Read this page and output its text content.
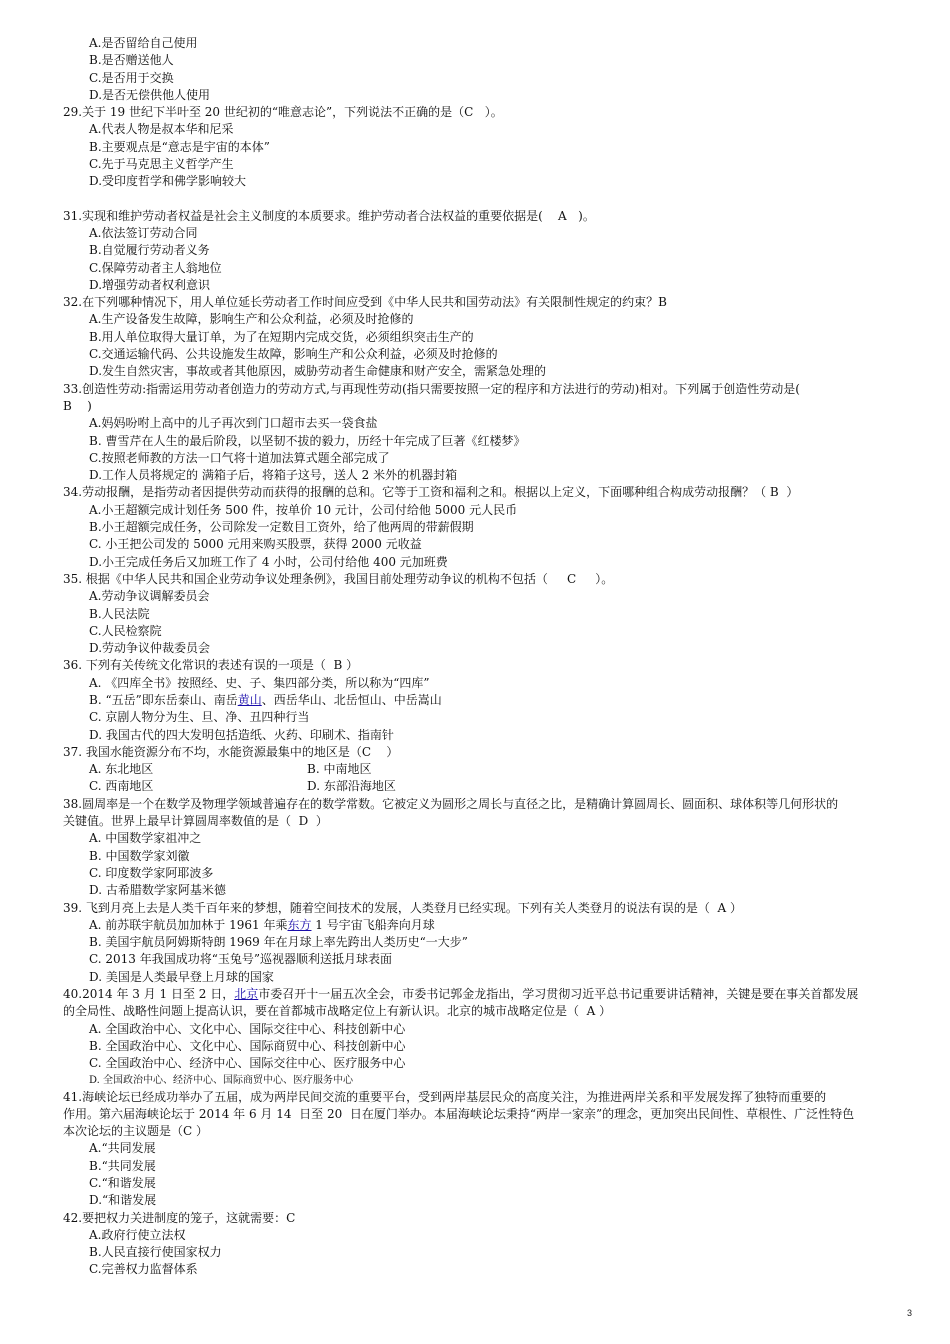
A.是否留给自己使用
B.是否赠送他人
C.是否用于交换
D.是否无偿供他人使用
29.关于 19 世纪下半叶至 20 世纪初的“唯意志论”，下列说法不正确的是（C   ）。
A.代表人物是叔本华和尼采
B.主要观点是“意志是宇宙的本体”
C.先于马克思主义哲学产生
D.受印度哲学和佛学影响较大
31.实现和维护劳动者权益是社会主义制度的本质要求。维护劳动者合法权益的重要依据是(    A   )。
A.依法签订劳动合同
B.自觉履行劳动者义务
C.保障劳动者主人翁地位
D.增强劳动者权利意识
32.在下列哪种情况下，用人单位延长劳动者工作时间应受到《中华人民共和国劳动法》有关限制性规定的约束？B
A.生产设备发生故障，影响生产和公众利益，必须及时抢修的
B.用人单位取得大量订单，为了在短期内完成交货，必须组织突击生产的
C.交通运输代码、公共设施发生故障，影响生产和公众利益，必须及时抢修的
D.发生自然灾害，事故或者其他原因，威胁劳动者生命健康和财产安全，需紧急处理的
33.创造性劳动:指需运用劳动者创造力的劳动方式,与再现性劳动(指只需要按照一定的程序和方法进行的劳动)相对。下列属于创造性劳动是(
B    )
A.妈妈吩咐上高中的儿子再次到门口超市去买一袋食盐
B. 曹雪芹在人生的最后阶段，以坚韧不拔的毅力，历经十年完成了巨著《红楼梦》
C.按照老师教的方法一口气将十道加法算式题全部完成了
D.工作人员将规定的 满箱子后，将箱子这号，送人 2 米外的机器封箱
34.劳动报酬，是指劳动者因提供劳动而获得的报酬的总和。它等于工资和福利之和。根据以上定义，下面哪种组合构成劳动报酬？（ B  ）
A.小王超额完成计划任务 500 件，按单价 10 元计，公司付给他 5000 元人民币
B.小王超额完成任务，公司除发一定数目工资外，给了他两周的带薪假期
C. 小王把公司发的 5000 元用来购买股票，获得 2000 元收益
D.小王完成任务后又加班工作了 4 小时，公司付给他 400 元加班费
35. 根据《中华人民共和国企业劳动争议处理条例》，我国目前处理劳动争议的机构不包括（     C     ）。
A.劳动争议调解委员会
B.人民法院
C.人民检察院
D.劳动争议仲裁委员会
36. 下列有关传统文化常识的表述有误的一项是（  B ）
A. 《四库全书》按照经、史、子、集四部分类，所以称为“四库”
B. “五岳”即东岳泰山、南岳黄山、西岳华山、北岳恒山、中岳嵩山
C. 京剧人物分为生、旦、净、丑四种行当
D. 我国古代的四大发明包括造纸、火药、印刷术、指南针
37. 我国水能资源分布不均，水能资源最集中的地区是（C    ）
A. 东北地区	B. 中南地区
C. 西南地区	D. 东部沿海地区
38.圆周率是一个在数学及物理学领域普遍存在的数学常数。它被定义为圆形之周长与直径之比，是精确计算圆周长、圆面积、球体积等几何形状的
关键值。世界上最早计算圆周率数值的是（  D  ）
A. 中国数学家祖冲之
B. 中国数学家刘徽
C. 印度数学家阿耶波多
D. 古希腊数学家阿基米德
39. 飞到月亮上去是人类千百年来的梦想，随着空间技术的发展，人类登月已经实现。下列有关人类登月的说法有误的是（  A ）
A. 前苏联宇航员加加林于 1961 年乘东方 1 号宇宙飞船奔向月球
B. 美国宇航员阿姆斯特朗 1969 年在月球上率先跨出人类历史“一大步”
C. 2013 年我国成功将“玉兔号”巡视器顺利送抵月球表面
D. 美国是人类最早登上月球的国家
40.2014 年 3 月 1 日至 2 日，北京市委召开十一届五次全会，市委书记郭金龙指出，学习贯彻习近平总书记重要讲话精神，关键是要在事关首都发展
的全局性、战略性问题上提高认识，要在首都城市战略定位上有新认识。北京的城市战略定位是（  A ）
A. 全国政治中心、文化中心、国际交往中心、科技创新中心
B. 全国政治中心、文化中心、国际商贸中心、科技创新中心
C. 全国政治中心、经济中心、国际交往中心、医疗服务中心
D. 全国政治中心、经济中心、国际商贸中心、医疗服务中心
41.海峡论坛已经成功举办了五届，成为两岸民间交流的重要平台，受到两岸基层民众的高度关注，为推进两岸关系和平发展发挥了独特而重要的
作用。第六届海峡论坛于 2014 年 6 月 14  日至 20  日在厦门举办。本届海峡论坛秉持“两岸一家亲”的理念，更加突出民间性、草根性、广泛性特色
本次论坛的主议题是（C ）
A.“共同发展
B.“共同发展
C.“和谐发展
D.“和谐发展
42.要把权力关进制度的笼子，这就需要：C
A.政府行使立法权
B.人民直接行使国家权力
C.完善权力监督体系
3
